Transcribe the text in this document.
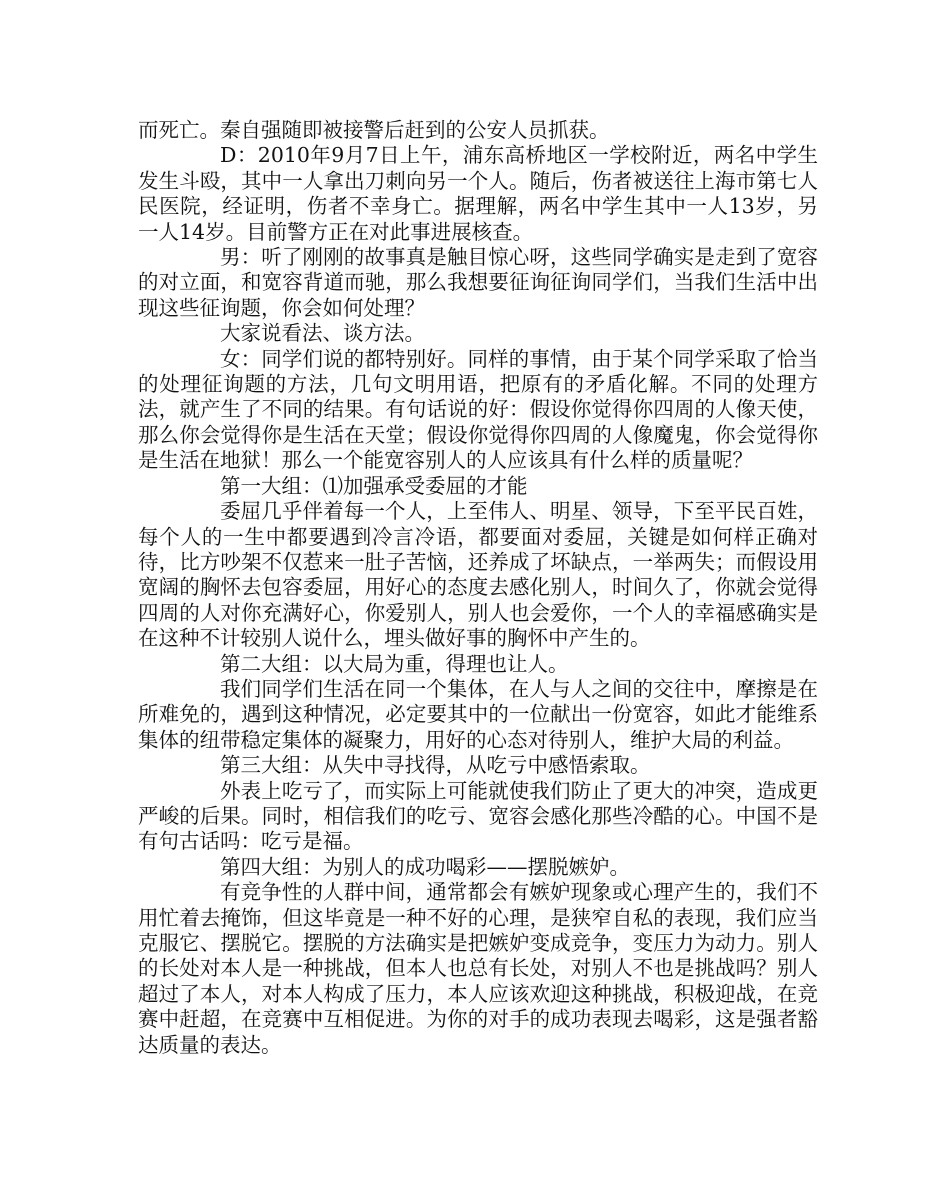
而死亡。秦自强随即被接警后赶到的公安人员抓获。

D：2010年9月7日上午，浦东高桥地区一学校附近，两名中学生发生斗殴，其中一人拿出刀刺向另一个人。随后，伤者被送往上海市第七人民医院，经证明，伤者不幸身亡。据理解，两名中学生其中一人13岁，另一人14岁。目前警方正在对此事进展核查。

男：听了刚刚的故事真是触目惊心呀，这些同学确实是走到了宽容的对立面，和宽容背道而驰，那么我想要征询征询同学们，当我们生活中出现这些征询题，你会如何处理？

大家说看法、谈方法。

女：同学们说的都特别好。同样的事情，由于某个同学采取了恰当的处理征询题的方法，几句文明用语，把原有的矛盾化解。不同的处理方法，就产生了不同的结果。有句话说的好：假设你觉得你四周的人像天使，那么你会觉得你是生活在天堂；假设你觉得你四周的人像魔鬼，你会觉得你是生活在地狱！那么一个能宽容别人的人应该具有什么样的质量呢？

第一大组：⑴加强承受委屈的才能

委屈几乎伴着每一个人，上至伟人、明星、领导，下至平民百姓，每个人的一生中都要遇到冷言冷语，都要面对委屈，关键是如何样正确对待，比方吵架不仅惹来一肚子苦恼，还养成了坏缺点，一举两失；而假设用宽阔的胸怀去包容委屈，用好心的态度去感化别人，时间久了，你就会觉得四周的人对你充满好心，你爱别人，别人也会爱你，一个人的幸福感确实是在这种不计较别人说什么，埋头做好事的胸怀中产生的。

第二大组：以大局为重，得理也让人。

我们同学们生活在同一个集体，在人与人之间的交往中，摩擦是在所难免的，遇到这种情况，必定要其中的一位献出一份宽容，如此才能维系集体的纽带稳定集体的凝聚力，用好的心态对待别人，维护大局的利益。

第三大组：从失中寻找得，从吃亏中感悟索取。

外表上吃亏了，而实际上可能就使我们防止了更大的冲突，造成更严峻的后果。同时，相信我们的吃亏、宽容会感化那些冷酷的心。中国不是有句古话吗：吃亏是福。

第四大组：为别人的成功喝彩——摆脱嫉妒。

有竞争性的人群中间，通常都会有嫉妒现象或心理产生的，我们不用忙着去掩饰，但这毕竟是一种不好的心理，是狭窄自私的表现，我们应当克服它、摆脱它。摆脱的方法确实是把嫉妒变成竞争，变压力为动力。别人的长处对本人是一种挑战，但本人也总有长处，对别人不也是挑战吗？别人超过了本人，对本人构成了压力，本人应该欢迎这种挑战，积极迎战，在竞赛中赶超，在竞赛中互相促进。为你的对手的成功表现去喝彩，这是强者豁达质量的表达。
